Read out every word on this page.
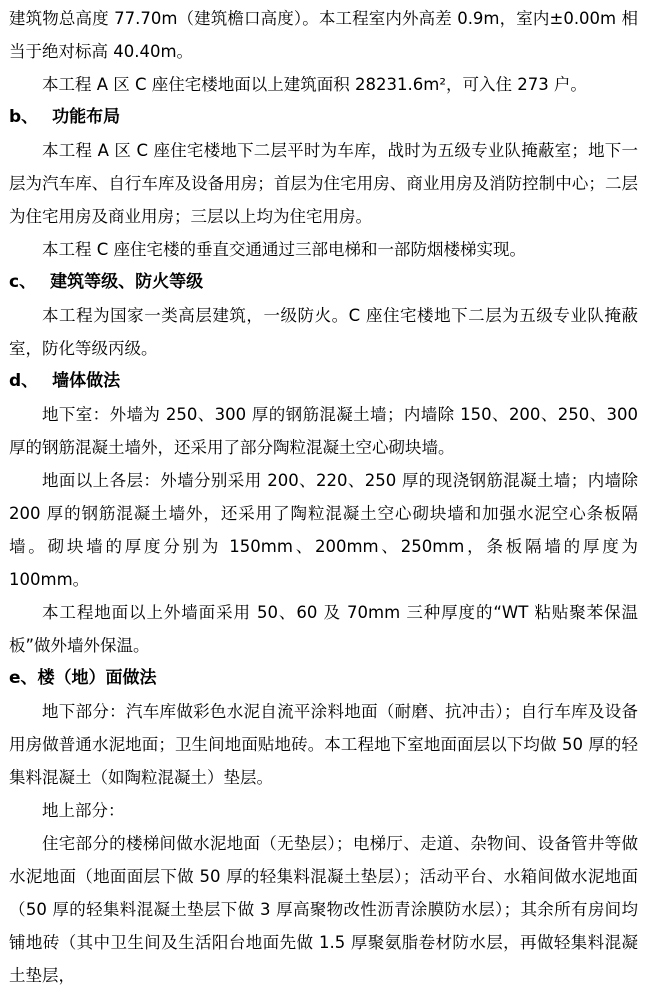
建筑物总高度 77.70m（建筑檐口高度）。本工程室内外高差 0.9m，室内±0.00m 相当于绝对标高 40.40m。

本工程 A 区 C 座住宅楼地面以上建筑面积 28231.6m²，可入住 273 户。

b、 功能布局

本工程 A 区 C 座住宅楼地下二层平时为车库，战时为五级专业队掩蔽室；地下一层为汽车库、自行车库及设备用房；首层为住宅用房、商业用房及消防控制中心；二层为住宅用房及商业用房；三层以上均为住宅用房。

本工程 C 座住宅楼的垂直交通通过三部电梯和一部防烟楼梯实现。

c、 建筑等级、防火等级

本工程为国家一类高层建筑，一级防火。C 座住宅楼地下二层为五级专业队掩蔽室，防化等级丙级。

d、 墙体做法

地下室：外墙为 250、300 厚的钢筋混凝土墙；内墙除 150、200、250、300 厚的钢筋混凝土墙外，还采用了部分陶粒混凝土空心砌块墙。

地面以上各层：外墙分别采用 200、220、250 厚的现浇钢筋混凝土墙；内墙除 200 厚的钢筋混凝土墙外，还采用了陶粒混凝土空心砌块墙和加强水泥空心条板隔墙。砌块墙的厚度分别为 150mm、200mm、250mm，条板隔墙的厚度为 100mm。

本工程地面以上外墙面采用 50、60 及 70mm 三种厚度的“WT 粘贴聚苯保温板”做外墙外保温。

e、楼（地）面做法

地下部分：汽车库做彩色水泥自流平涂料地面（耐磨、抗冲击）；自行车库及设备用房做普通水泥地面；卫生间地面贴地砖。本工程地下室地面面层以下均做 50 厚的轻集料混凝土（如陶粒混凝土）垫层。

地上部分：

住宅部分的楼梯间做水泥地面（无垫层）；电梯厅、走道、杂物间、设备管井等做水泥地面（地面面层下做 50 厚的轻集料混凝土垫层）；活动平台、水箱间做水泥地面（50 厚的轻集料混凝土垫层下做 3 厚高聚物改性沥青涂膜防水层）；其余所有房间均铺地砖（其中卫生间及生活阳台地面先做 1.5 厚聚氨脂卷材防水层，再做轻集料混凝土垫层，
